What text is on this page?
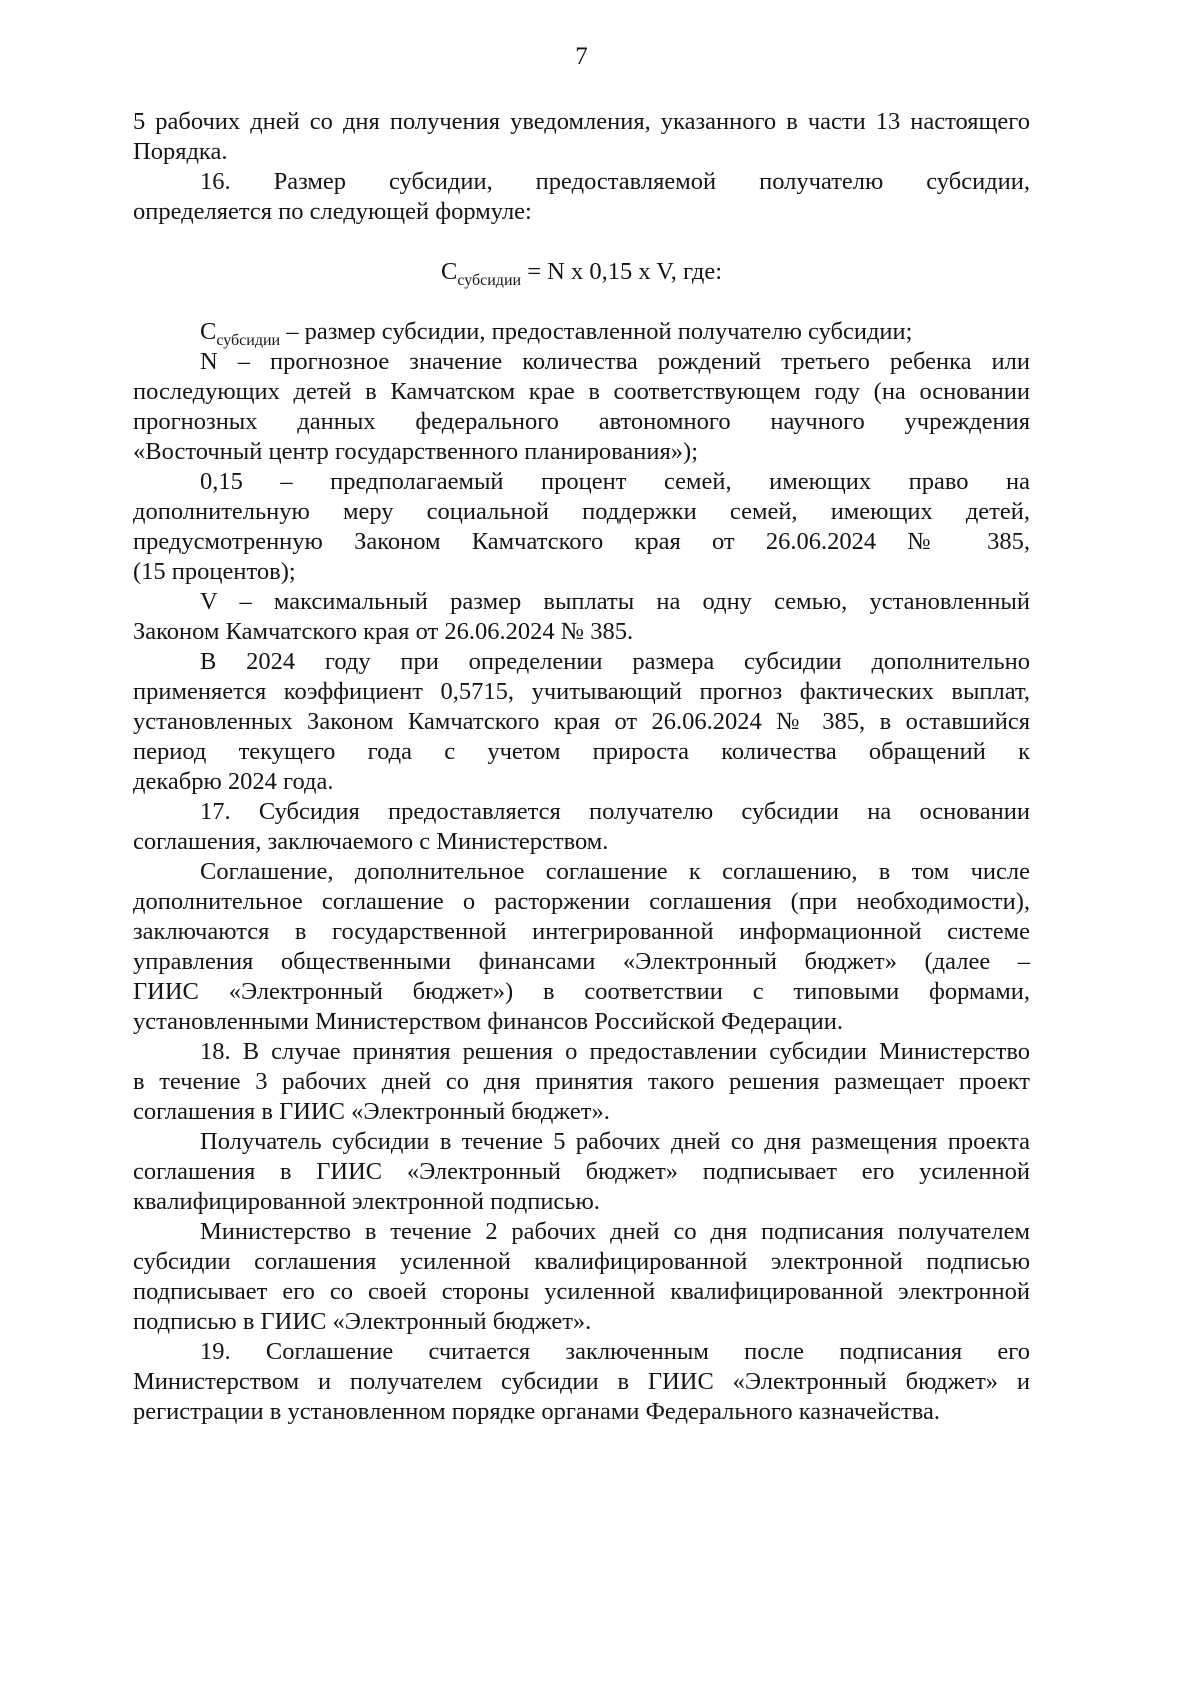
7
5 рабочих дней со дня получения уведомления, указанного в части 13 настоящего
Порядка.
16. Размер субсидии, предоставляемой получателю субсидии,
определяется по следующей формуле:
$С_{субсидии} = N$ x 0,15 x V, где:
$С_{субсидии}$ – размер субсидии, предоставленной получателю субсидии;
N – прогнозное значение количества рождений третьего ребенка или
последующих детей в Камчатском крае в соответствующем году (на основании
прогнозных данных федерального автономного научного учреждения
«Восточный центр государственного планирования»);
0,15 – предполагаемый процент семей, имеющих право на
дополнительную меру социальной поддержки семей, имеющих детей,
предусмотренную Законом Камчатского края от 26.06.2024 № 385,
(15 процентов);
V – максимальный размер выплаты на одну семью, установленный
Законом Камчатского края от 26.06.2024 № 385.
В 2024 году при определении размера субсидии дополнительно
применяется коэффициент 0,5715, учитывающий прогноз фактических выплат,
установленных Законом Камчатского края от 26.06.2024 № 385, в оставшийся
период текущего года с учетом прироста количества обращений к
декабрю 2024 года.
17. Субсидия предоставляется получателю субсидии на основании
соглашения, заключаемого с Министерством.
Соглашение, дополнительное соглашение к соглашению, в том числе
дополнительное соглашение о расторжении соглашения (при необходимости),
заключаются в государственной интегрированной информационной системе
управления общественными финансами «Электронный бюджет» (далее –
ГИИС «Электронный бюджет») в соответствии с типовыми формами,
установленными Министерством финансов Российской Федерации.
18. В случае принятия решения о предоставлении субсидии Министерство
в течение 3 рабочих дней со дня принятия такого решения размещает проект
соглашения в ГИИС «Электронный бюджет».
Получатель субсидии в течение 5 рабочих дней со дня размещения проекта
соглашения в ГИИС «Электронный бюджет» подписывает его усиленной
квалифицированной электронной подписью.
Министерство в течение 2 рабочих дней со дня подписания получателем
субсидии соглашения усиленной квалифицированной электронной подписью
подписывает его со своей стороны усиленной квалифицированной электронной
подписью в ГИИС «Электронный бюджет».
19. Соглашение считается заключенным после подписания его
Министерством и получателем субсидии в ГИИС «Электронный бюджет» и
регистрации в установленном порядке органами Федерального казначейства.
